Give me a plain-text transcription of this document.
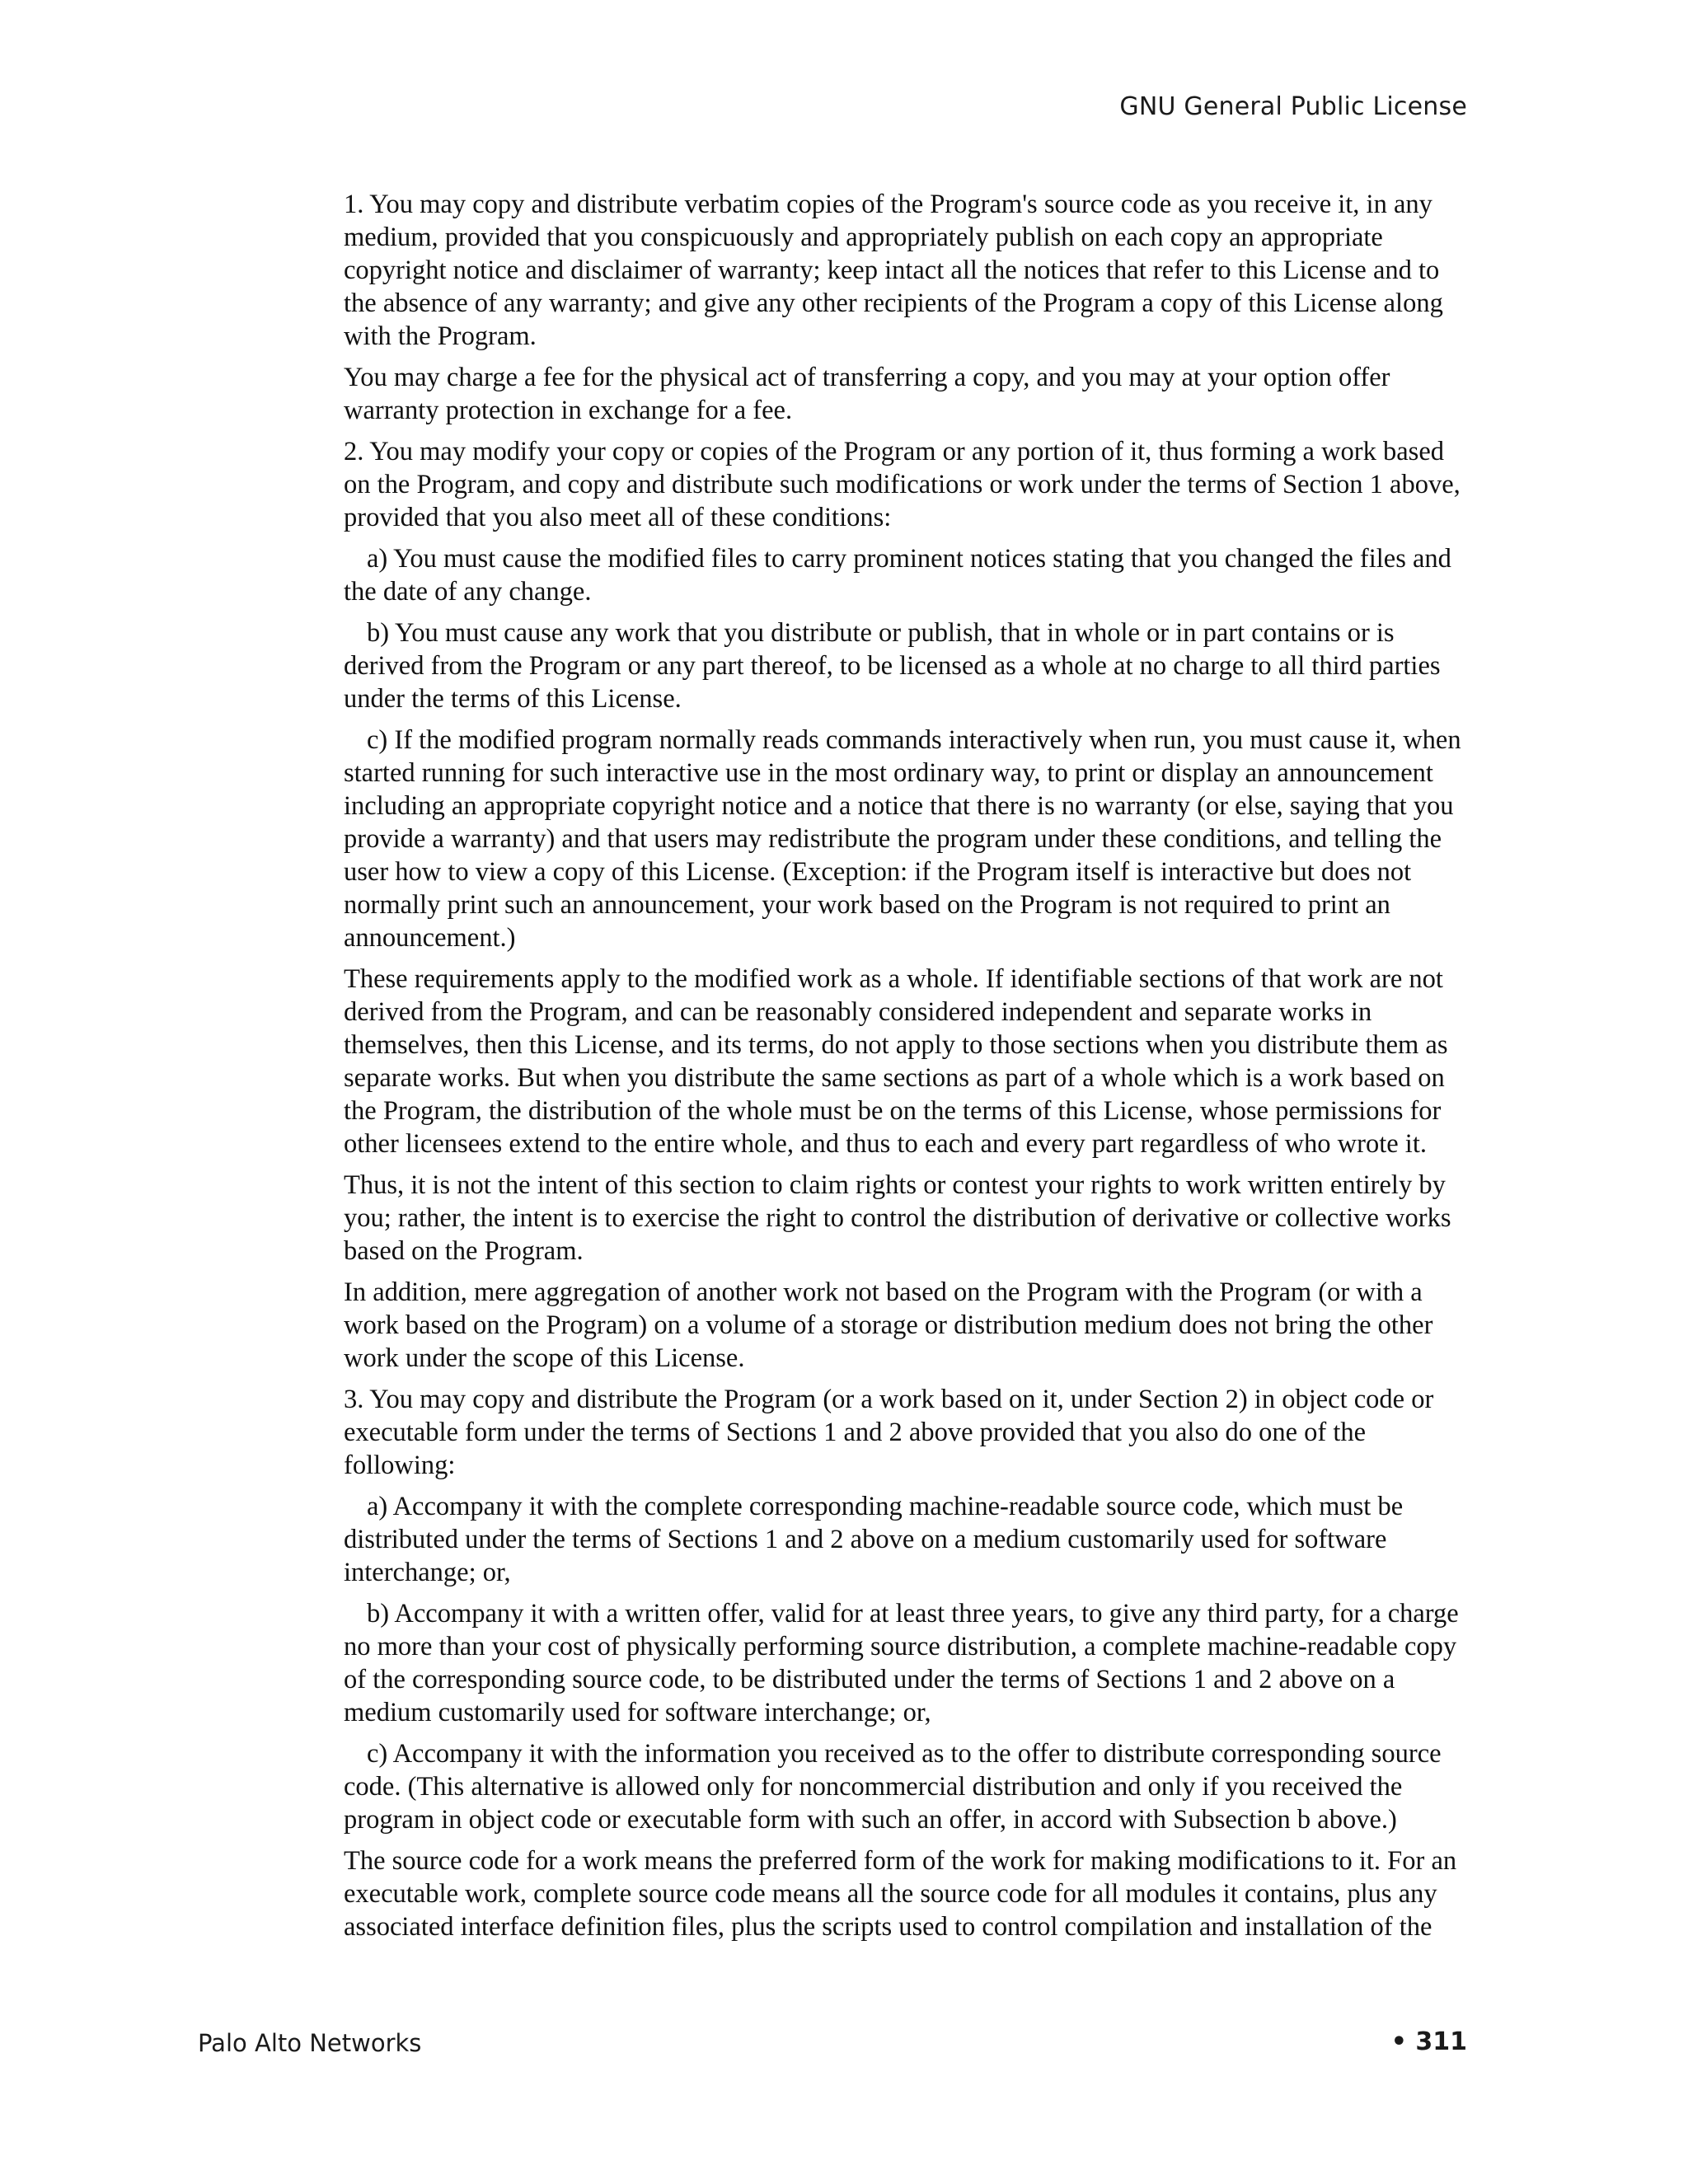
GNU General Public License

1. You may copy and distribute verbatim copies of the Program's source code as you receive it, in any medium, provided that you conspicuously and appropriately publish on each copy an appropriate copyright notice and disclaimer of warranty; keep intact all the notices that refer to this License and to the absence of any warranty; and give any other recipients of the Program a copy of this License along with the Program.

You may charge a fee for the physical act of transferring a copy, and you may at your option offer warranty protection in exchange for a fee.

2. You may modify your copy or copies of the Program or any portion of it, thus forming a work based on the Program, and copy and distribute such modifications or work under the terms of Section 1 above, provided that you also meet all of these conditions:

a) You must cause the modified files to carry prominent notices stating that you changed the files and the date of any change.

b) You must cause any work that you distribute or publish, that in whole or in part contains or is derived from the Program or any part thereof, to be licensed as a whole at no charge to all third parties under the terms of this License.

c) If the modified program normally reads commands interactively when run, you must cause it, when started running for such interactive use in the most ordinary way, to print or display an announcement including an appropriate copyright notice and a notice that there is no warranty (or else, saying that you provide a warranty) and that users may redistribute the program under these conditions, and telling the user how to view a copy of this License. (Exception: if the Program itself is interactive but does not normally print such an announcement, your work based on the Program is not required to print an announcement.)

These requirements apply to the modified work as a whole. If identifiable sections of that work are not derived from the Program, and can be reasonably considered independent and separate works in themselves, then this License, and its terms, do not apply to those sections when you distribute them as separate works. But when you distribute the same sections as part of a whole which is a work based on the Program, the distribution of the whole must be on the terms of this License, whose permissions for other licensees extend to the entire whole, and thus to each and every part regardless of who wrote it.

Thus, it is not the intent of this section to claim rights or contest your rights to work written entirely by you; rather, the intent is to exercise the right to control the distribution of derivative or collective works based on the Program.

In addition, mere aggregation of another work not based on the Program with the Program (or with a work based on the Program) on a volume of a storage or distribution medium does not bring the other work under the scope of this License.

3. You may copy and distribute the Program (or a work based on it, under Section 2) in object code or executable form under the terms of Sections 1 and 2 above provided that you also do one of the following:

a) Accompany it with the complete corresponding machine-readable source code, which must be distributed under the terms of Sections 1 and 2 above on a medium customarily used for software interchange; or,

b) Accompany it with a written offer, valid for at least three years, to give any third party, for a charge no more than your cost of physically performing source distribution, a complete machine-readable copy of the corresponding source code, to be distributed under the terms of Sections 1 and 2 above on a medium customarily used for software interchange; or,

c) Accompany it with the information you received as to the offer to distribute corresponding source code. (This alternative is allowed only for noncommercial distribution and only if you received the program in object code or executable form with such an offer, in accord with Subsection b above.)

The source code for a work means the preferred form of the work for making modifications to it. For an executable work, complete source code means all the source code for all modules it contains, plus any associated interface definition files, plus the scripts used to control compilation and installation of the

Palo Alto Networks	• 311
